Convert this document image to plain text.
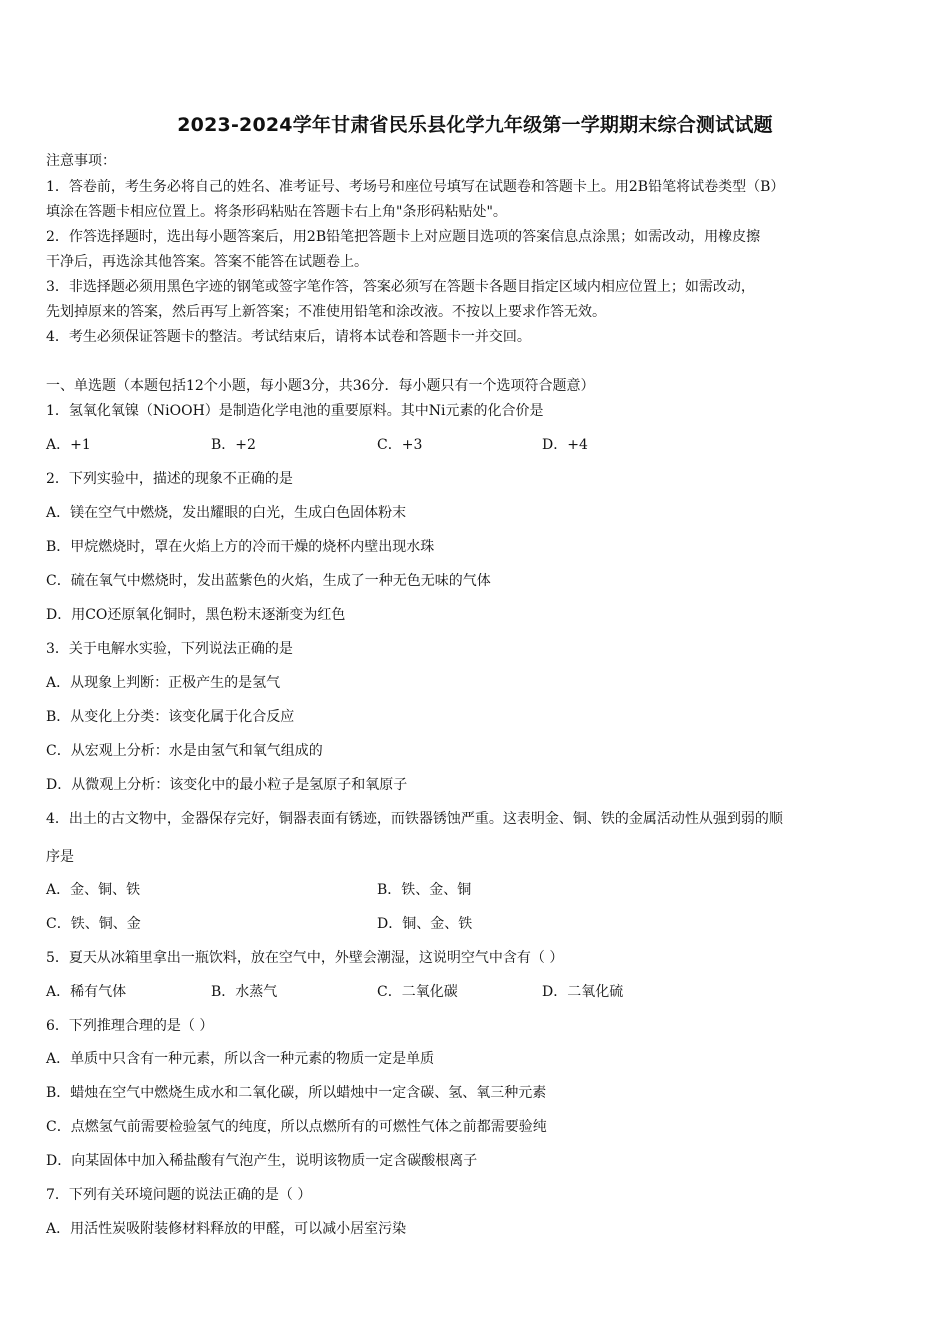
2023-2024学年甘肃省民乐县化学九年级第一学期期末综合测试试题
注意事项：
1．答卷前，考生务必将自己的姓名、准考证号、考场号和座位号填写在试题卷和答题卡上。用2B铅笔将试卷类型（B）
填涂在答题卡相应位置上。将条形码粘贴在答题卡右上角"条形码粘贴处"。
2．作答选择题时，选出每小题答案后，用2B铅笔把答题卡上对应题目选项的答案信息点涂黑；如需改动，用橡皮擦
干净后，再选涂其他答案。答案不能答在试题卷上。
3．非选择题必须用黑色字迹的钢笔或签字笔作答，答案必须写在答题卡各题目指定区域内相应位置上；如需改动，
先划掉原来的答案，然后再写上新答案；不准使用铅笔和涂改液。不按以上要求作答无效。
4．考生必须保证答题卡的整洁。考试结束后，请将本试卷和答题卡一并交回。
一、单选题（本题包括12个小题，每小题3分，共36分．每小题只有一个选项符合题意）
1．氢氧化氧镍（NiOOH）是制造化学电池的重要原料。其中Ni元素的化合价是
A．+1	B．+2	C．+3	D．+4
2．下列实验中，描述的现象不正确的是
A．镁在空气中燃烧，发出耀眼的白光，生成白色固体粉末
B．甲烷燃烧时，罩在火焰上方的冷而干燥的烧杯内壁出现水珠
C．硫在氧气中燃烧时，发出蓝紫色的火焰，生成了一种无色无味的气体
D．用CO还原氧化铜时，黑色粉末逐渐变为红色
3．关于电解水实验，下列说法正确的是
A．从现象上判断：正极产生的是氢气
B．从变化上分类：该变化属于化合反应
C．从宏观上分析：水是由氢气和氧气组成的
D．从微观上分析：该变化中的最小粒子是氢原子和氧原子
4．出土的古文物中，金器保存完好，铜器表面有锈迹，而铁器锈蚀严重。这表明金、铜、铁的金属活动性从强到弱的顺
序是
A．金、铜、铁	B．铁、金、铜
C．铁、铜、金	D．铜、金、铁
5．夏天从冰箱里拿出一瓶饮料，放在空气中，外壁会潮湿，这说明空气中含有（ ）
A．稀有气体	B．水蒸气	C．二氧化碳	D．二氧化硫
6．下列推理合理的是（ ）
A．单质中只含有一种元素，所以含一种元素的物质一定是单质
B．蜡烛在空气中燃烧生成水和二氧化碳，所以蜡烛中一定含碳、氢、氧三种元素
C．点燃氢气前需要检验氢气的纯度，所以点燃所有的可燃性气体之前都需要验纯
D．向某固体中加入稀盐酸有气泡产生，说明该物质一定含碳酸根离子
7．下列有关环境问题的说法正确的是（ ）
A．用活性炭吸附装修材料释放的甲醛，可以减小居室污染
